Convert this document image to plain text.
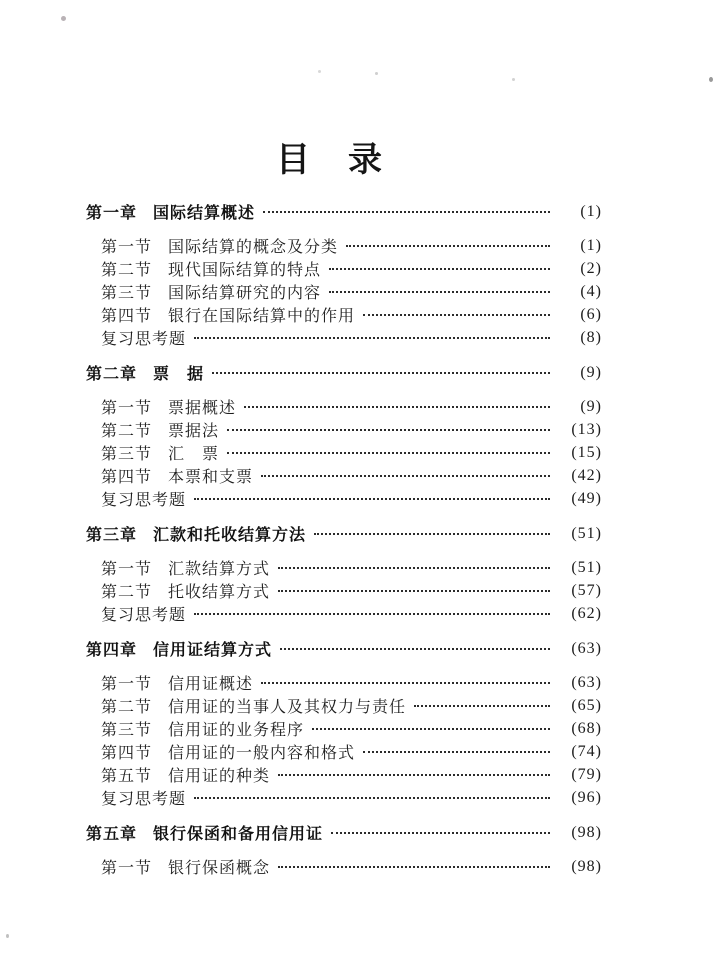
目　录
第一章 国际结算概述	(1)
第一节 国际结算的概念及分类	(1)
第二节 现代国际结算的特点	(2)
第三节 国际结算研究的内容	(4)
第四节 银行在国际结算中的作用	(6)
复习思考题	(8)
第二章 票　据	(9)
第一节 票据概述	(9)
第二节 票据法	(13)
第三节 汇　票	(15)
第四节 本票和支票	(42)
复习思考题	(49)
第三章 汇款和托收结算方法	(51)
第一节 汇款结算方式	(51)
第二节 托收结算方式	(57)
复习思考题	(62)
第四章 信用证结算方式	(63)
第一节 信用证概述	(63)
第二节 信用证的当事人及其权力与责任	(65)
第三节 信用证的业务程序	(68)
第四节 信用证的一般内容和格式	(74)
第五节 信用证的种类	(79)
复习思考题	(96)
第五章 银行保函和备用信用证	(98)
第一节 银行保函概念	(98)
